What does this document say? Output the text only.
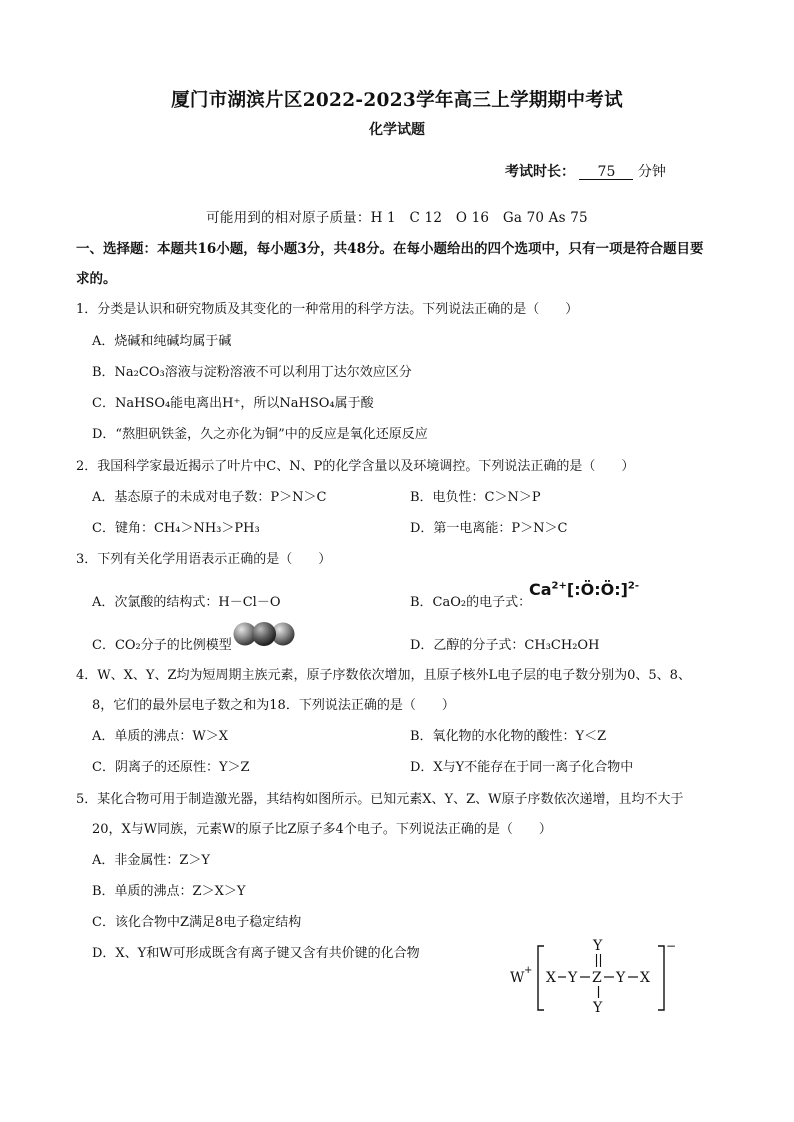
厦门市湖滨片区2022-2023学年高三上学期期中考试
化学试题
考试时长： 75 分钟
可能用到的相对原子质量：H 1　C 12　O 16　Ga 70 As 75
一、选择题：本题共16小题，每小题3分，共48分。在每小题给出的四个选项中，只有一项是符合题目要求的。
1．分类是认识和研究物质及其变化的一种常用的科学方法。下列说法正确的是（　　）
A．烧碱和纯碱均属于碱
B．Na₂CO₃溶液与淀粉溶液不可以利用丁达尔效应区分
C．NaHSO₄能电离出H⁺，所以NaHSO₄属于酸
D．“熬胆矾铁釜，久之亦化为铜”中的反应是氧化还原反应
2．我国科学家最近揭示了叶片中C、N、P的化学含量以及环境调控。下列说法正确的是（　　）
A．基态原子的未成对电子数：P＞N＞C	B．电负性：C＞N＞P
C．键角：CH₄＞NH₃＞PH₃	D．第一电离能：P＞N＞C
3．下列有关化学用语表示正确的是（　　）
A．次氯酸的结构式：H－Cl－O	B．CaO₂的电子式：
$Ca^{2+}[:Ö:Ö:]^{2-}$
C．CO₂分子的比例模型	D．乙醇的分子式：CH₃CH₂OH
4．W、X、Y、Z均为短周期主族元素，原子序数依次增加，且原子核外L电子层的电子数分别为0、5、8、
8，它们的最外层电子数之和为18．下列说法正确的是（　　）
A．单质的沸点：W＞X	B．氧化物的水化物的酸性：Y＜Z
C．阴离子的还原性：Y＞Z	D．X与Y不能存在于同一离子化合物中
5．某化合物可用于制造激光器，其结构如图所示。已知元素X、Y、Z、W原子序数依次递增，且均不大于
20，X与W同族，元素W的原子比Z原子多4个电子。下列说法正确的是（　　）
A．非金属性：Z＞Y
B．单质的沸点：Z＞X＞Y
C．该化合物中Z满足8电子稳定结构
D．X、Y和W可形成既含有离子键又含有共价键的化合物
W +
−
X Y Z Y X
Y
Y
